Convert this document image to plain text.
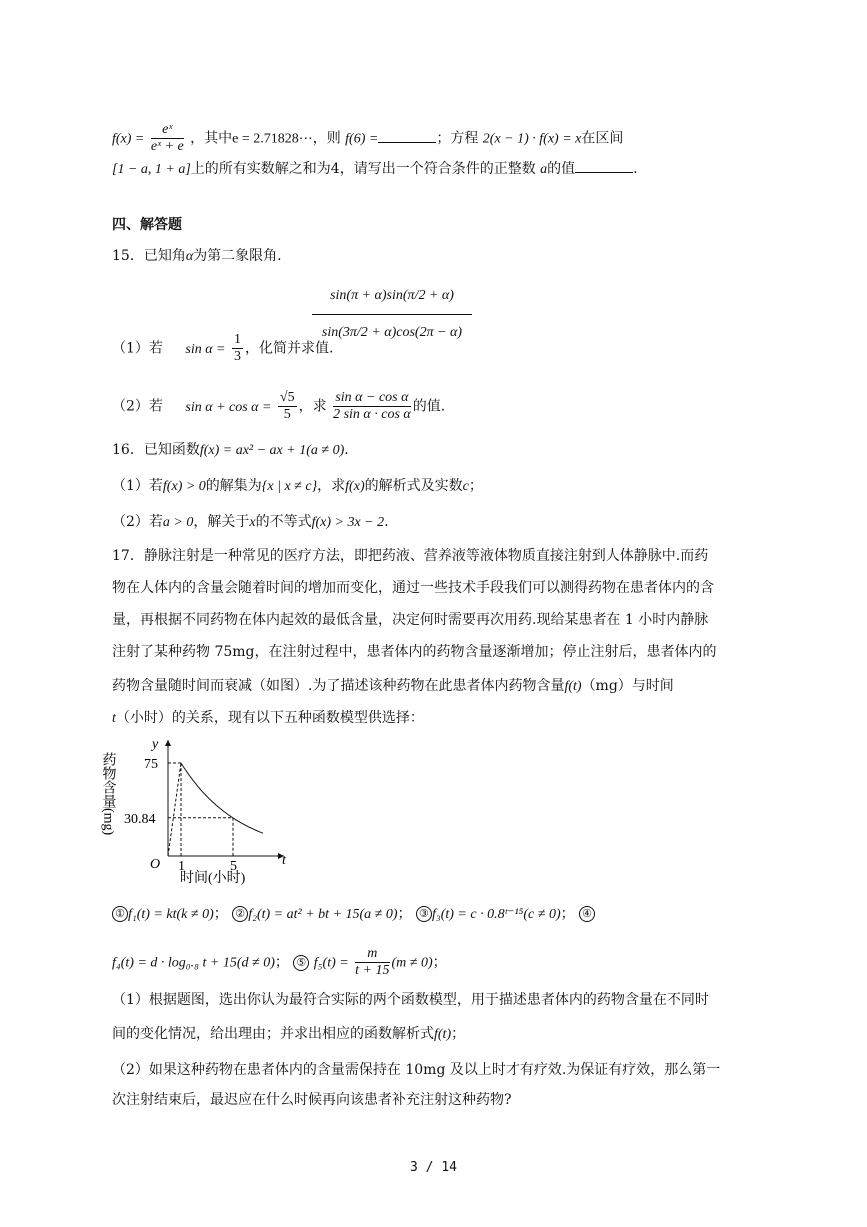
$f(x) = \frac{\text{eˣ}}{\text{eˣ + e}}$ ，其中e = 2.71828⋯，则 f(6) =	；方程 2(x − 1) · f(x) = x在区间
[1 − a, 1 + a]上的所有实数解之和为4，请写出一个符合条件的正整数 a的值	.
四、解答题
15．已知角α为第二象限角.
sin(π + α)sin(π/2 + α)
sin(3π/2 + α)cos(2π − α)
（1）若 $\sin \alpha = \frac{1}{3}$ ，化简并求值.
（2）若 $\sin \alpha + \cos \alpha = \frac{√5}{5}$ ，求 $\frac{\text{sin α − cos α}}{\text{2 sin α · cos α}}$ 的值.
16．已知函数f(x) = ax² − ax + 1(a ≠ 0).
（1）若f(x) > 0的解集为{x | x ≠ c}，求f(x)的解析式及实数c；
（2）若a > 0，解关于x的不等式f(x) > 3x − 2.
17．静脉注射是一种常见的医疗方法，即把药液、营养液等液体物质直接注射到人体静脉中.而药
物在人体内的含量会随着时间的增加而变化，通过一些技术手段我们可以测得药物在患者体内的含
量，再根据不同药物在体内起效的最低含量，决定何时需要再次用药.现给某患者在 1 小时内静脉
注射了某种药物 75mg，在注射过程中，患者体内的药物含量逐渐增加；停止注射后，患者体内的
药物含量随时间而衰减（如图）.为了描述该种药物在此患者体内药物含量f(t)（mg）与时间
t（小时）的关系，现有以下五种函数模型供选择：
y
t
O
药物含量(mg)
时间(小时)
1	5
75
30.84
① f₁(t) = kt(k ≠ 0)； ② f₂(t) = at² + bt + 15(a ≠ 0)； ③ f₃(t) = c · 0.8ᵗ⁻¹⁵(c ≠ 0)； ④
f₄(t) = d · log₀.₈ t + 15(d ≠ 0)； ⑤ $f_5(t) = \frac{m}{t + 15} (m \ne 0)$；
（1）根据题图，选出你认为最符合实际的两个函数模型，用于描述患者体内的药物含量在不同时
间的变化情况，给出理由；并求出相应的函数解析式f(t)；
（2）如果这种药物在患者体内的含量需保持在 10mg 及以上时才有疗效.为保证有疗效，那么第一
次注射结束后，最迟应在什么时候再向该患者补充注射这种药物?
3 / 14
